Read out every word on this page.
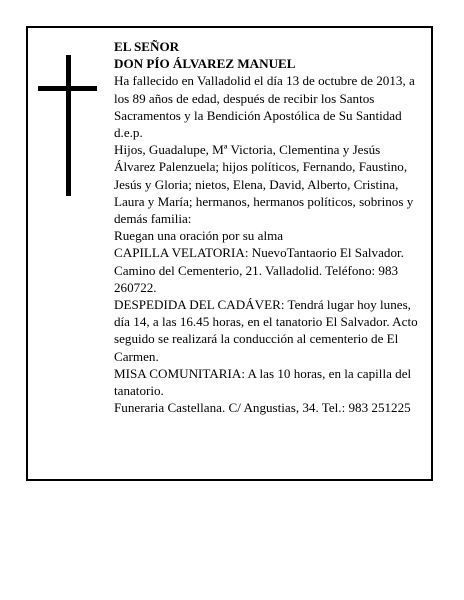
EL SEÑOR

DON PÍO ÁLVAREZ MANUEL

Ha fallecido en Valladolid el día 13 de octubre de 2013, a los 89 años de edad, después de recibir los Santos Sacramentos y la Bendición Apostólica de Su Santidad d.e.p.

Hijos, Guadalupe, Mª Victoria, Clementina y Jesús Álvarez Palenzuela; hijos políticos, Fernando, Faustino, Jesús y Gloria; nietos, Elena, David, Alberto, Cristina, Laura y María; hermanos, hermanos políticos, sobrinos y demás familia:

Ruegan una oración por su alma

CAPILLA VELATORIA: NuevoTantaorio El Salvador. Camino del Cementerio, 21. Valladolid. Teléfono: 983 260722.

DESPEDIDA DEL CADÁVER: Tendrá lugar hoy lunes, día 14, a las 16.45 horas, en el tanatorio El Salvador. Acto seguido se realizará la conducción al cementerio de El Carmen.

MISA COMUNITARIA: A las 10 horas, en la capilla del tanatorio.

Funeraria Castellana. C/ Angustias, 34. Tel.: 983 251225
